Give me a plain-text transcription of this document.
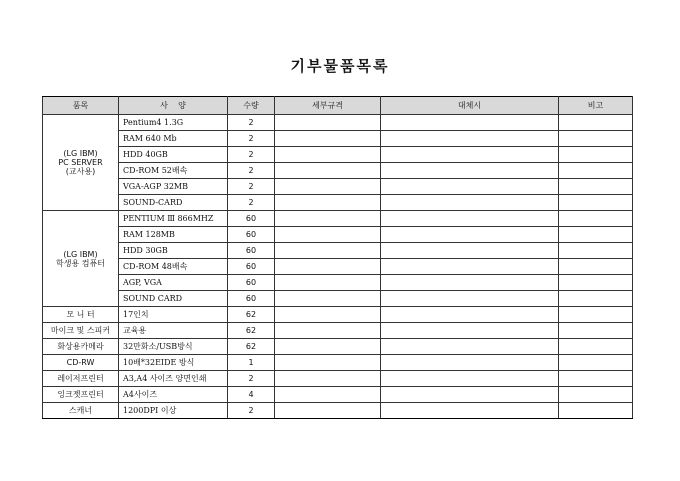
기부물품목록
품목	사    양	수량	세부규격	대체시	비고

(LG IBM)
PC SERVER
(교사용)	Pentium4 1.3G	2			
	RAM 640 Mb	2			
	HDD 40GB	2			
	CD-ROM 52배속	2			
	VGA-AGP 32MB	2			
	SOUND-CARD	2			

(LG IBM)
학생용 컴퓨터	PENTIUM Ⅲ 866MHZ	60			
	RAM 128MB	60			
	HDD 30GB	60			
	CD-ROM 48배속	60			
	AGP, VGA	60			
	SOUND CARD	60			
모 니 터	17인치	62			
마이크 및 스피커	교육용	62			
화상용카메라	32만화소/USB방식	62			
CD-RW	10배*32EIDE 방식	1			
레이저프린터	A3,A4 사이즈 양면인쇄	2			
잉크젯프린터	A4사이즈	4			
스캐너	1200DPI 이상	2			
